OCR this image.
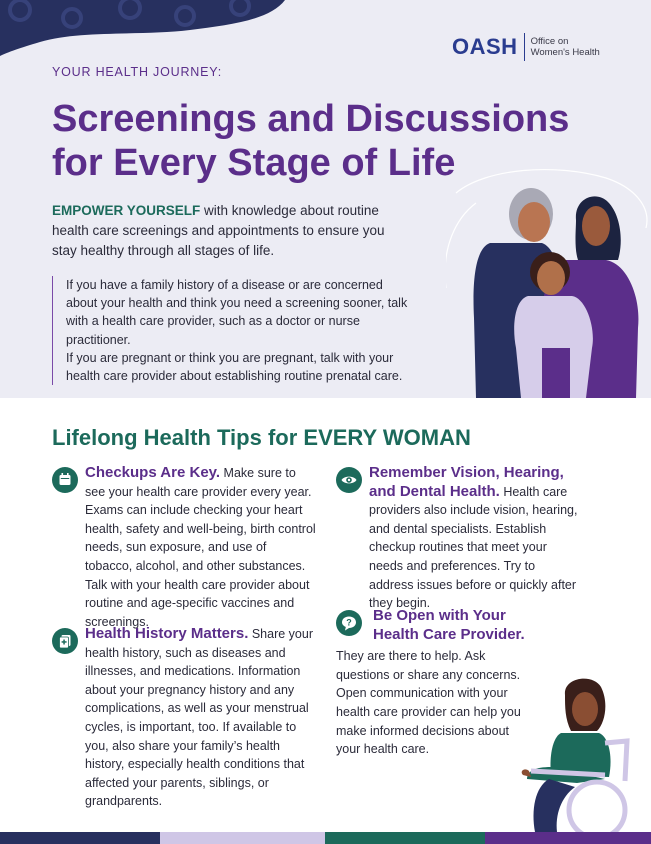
OASH Office on
Women's Health
YOUR HEALTH JOURNEY:
Screenings and Discussions
for Every Stage of Life

EMPOWER YOURSELF with knowledge about routine health care screenings and appointments to ensure you stay healthy through all stages of life.

If you have a family history of a disease or are concerned about your health and think you need a screening sooner, talk with a health care provider, such as a doctor or nurse practitioner.
If you are pregnant or think you are pregnant, talk with your health care provider about establishing routine prenatal care.
Lifelong Health Tips for EVERY WOMAN
Checkups Are Key. Make sure to see your health care provider every year. Exams can include checking your heart health, safety and well-being, birth control needs, sun exposure, and use of tobacco, alcohol, and other substances. Talk with your health care provider about routine and age-specific vaccines and screenings.
Health History Matters. Share your health history, such as diseases and illnesses, and medications. Information about your pregnancy history and any complications, as well as your menstrual cycles, is important, too. If available to you, also share your family’s health history, especially health conditions that affected your parents, siblings, or grandparents.
Remember Vision, Hearing, and Dental Health. Health care providers also include vision, hearing, and dental specialists. Establish checkup routines that meet your needs and preferences. Try to address issues before or quickly after they begin.
?	Be Open with Your Health Care Provider.
They are there to help. Ask questions or share any concerns. Open communication with your health care provider can help you make informed decisions about your health care.
